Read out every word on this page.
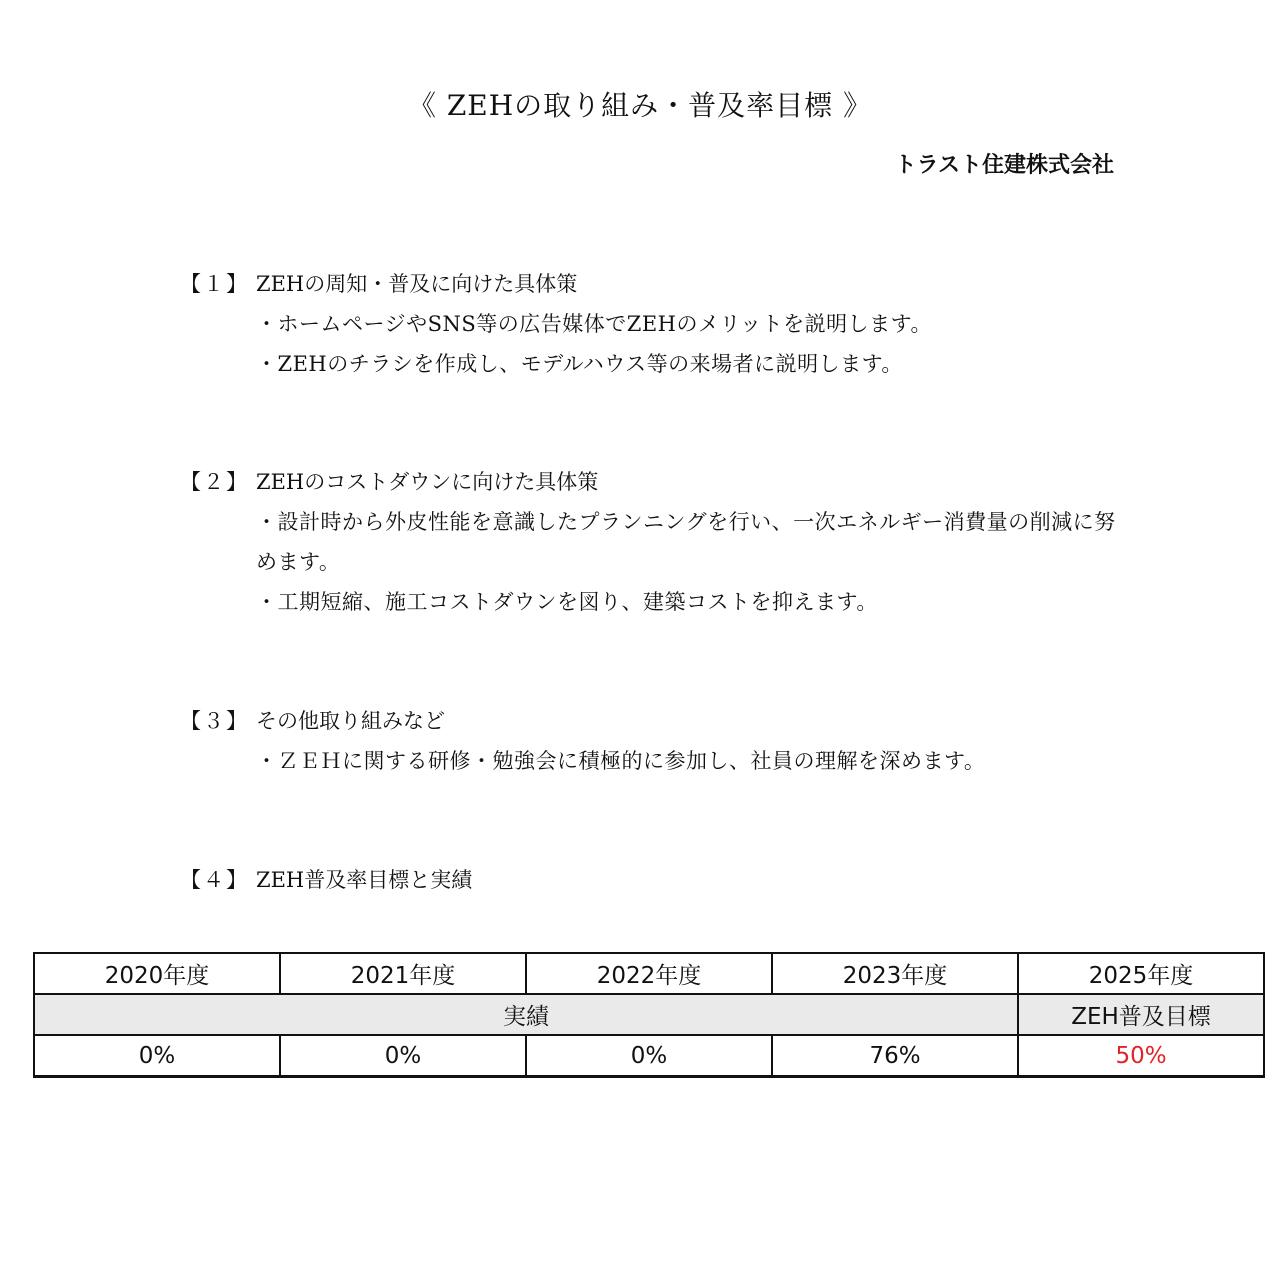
《 ZEHの取り組み・普及率目標 》
トラスト住建株式会社
【１】 ZEHの周知・普及に向けた具体策
・ホームページやSNS等の広告媒体でZEHのメリットを説明します。
・ZEHのチラシを作成し、モデルハウス等の来場者に説明します。
【２】 ZEHのコストダウンに向けた具体策
・設計時から外皮性能を意識したプランニングを行い、一次エネルギー消費量の削減に努めます。
・工期短縮、施工コストダウンを図り、建築コストを抑えます。
【３】 その他取り組みなど
・ＺＥＨに関する研修・勉強会に積極的に参加し、社員の理解を深めます。
【４】 ZEH普及率目標と実績
2020年度	2021年度	2022年度	2023年度	2025年度
実績				ZEH普及目標
0%	0%	0%	76%	50%
